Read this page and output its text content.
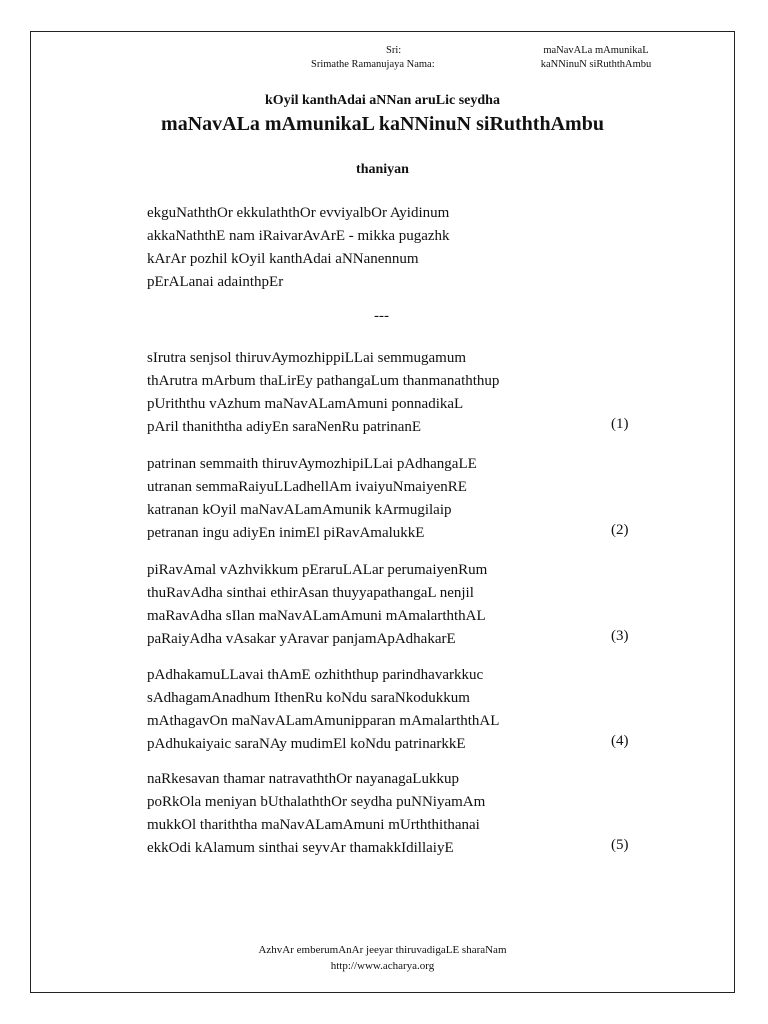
Sri:
Srimathe Ramanujaya Nama:
maNavALa mAmunikaL
kaNNinuN siRuththAmbu
kOyil kanthAdai aNNan aruLic seydha
maNavALa mAmunikaL kaNNinuN siRuththAmbu
thaniyan
ekguNaththOr ekkulaththOr evviyalbOr Ayidinum
akkaNaththE nam iRaivarAvArE - mikka pugazhk
kArAr pozhil kOyil kanthAdai aNNanennum
pErALanai adainthpEr
---
sIrutra senjsol thiruvAymozhippiLLai semmugamum
thArutra mArbum thaLirEy pathangaLum thanmanaththup
pUriththu vAzhum maNavALamAmuni ponnadikaL
pAril thaniththa adiyEn saraNenRu patrinanE	(1)
patrinan semmaith thiruvAymozhipiLLai pAdhangaLE
utranan semmaRaiyuLLadhellAm ivaiyuNmaiyenRE
katranan kOyil maNavALamAmunik kArmugilaip
petranan ingu adiyEn inimEl piRavAmalukkE	(2)
piRavAmal vAzhvikkum pEraruLALar perumaiyenRum
thuRavAdha sinthai ethirAsan thuyyapathangaL nenjil
maRavAdha sIlan maNavALamAmuni mAmalarththAL
paRaiyAdha vAsakar yAravar panjamApAdhakarE	(3)
pAdhakamuLLavai thAmE ozhiththup parindhavarkkuc
sAdhagamAnadhum IthenRu koNdu saraNkodukkum
mAthagavOn maNavALamAmunipparan mAmalarththAL
pAdhukaiyaic saraNAy mudimEl koNdu patrinarkkE	(4)
naRkesavan thamar natravaththOr nayanagaLukkup
poRkOla meniyan bUthalaththOr seydha puNNiyamAm
mukkOl thariththa maNavALamAmuni mUrththithanai
ekkOdi kAlamum sinthai seyvAr thamakkIdillaiyE	(5)
AzhvAr emberumAnAr jeeyar thiruvadigaLE sharaNam
http://www.acharya.org
